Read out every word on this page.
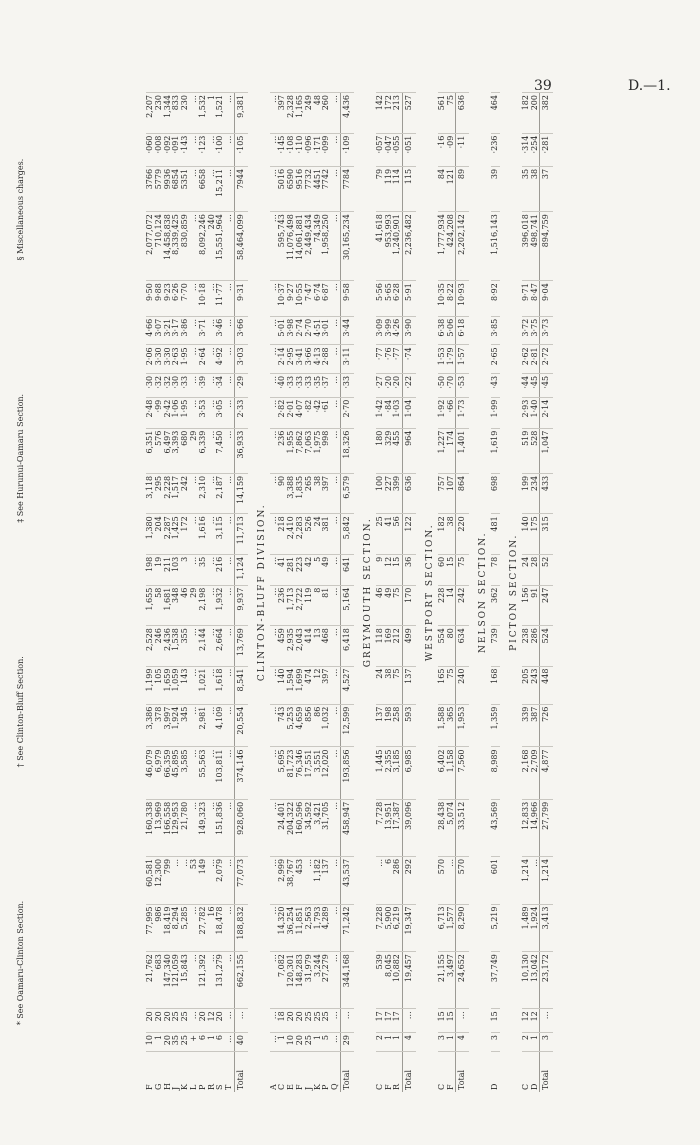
39	D.—1.
F	10	20	21,762	77,995	60,581	160,338	46,079	3,386	1,199	2,528	1,655	198	1,380	3,118	6,351	2·48	·30	2·06	4·66	9·50	2,077,072	3766	·060	2,207
G	1	20	683	986	12,300	13,969	6,979	378	105	246	58	19	204	295	576	·99	·32	3·30	3·07	9·88	710,124	5779	·008	230
H	20	20	147,340	18,419	799	166,558	66,359	3,997	1,659	2,436	1,681	211	2,287	2,228	6,497	2·42	·32	3·30	3·21	9·23	14,458,838	9936	·092	1,344
J	35	25	121,059	8,294	…	129,953	45,895	1,924	1,059	1,538	348	103	1,425	1,517	3,393	1·06	·30	2·63	3·17	6·26	8,339,425	6854	·091	833
K	25	25	15,843	5,285	…	21,780	3,585	345	143	355	46	3	172	242	680	1·95	·33	1·95	3·86	7·70	830,859	5351	·143	230
L	+	…	…	…	53	…	…	…	…	…	29	…	…	…	29	…	…	…	…	…	…	…	…	…
P	6	20	121,392	27,782	149	149,323	55,563	2,981	1,021	2,144	2,198	35	1,616	2,310	6,339	3·53	·39	2·64	3·71	10·18	8,092,246	6658	·123	1,532
R	1	12	…	16	…	…	…	…	…	…	…	…	…	…	…	…	…	…	…	…	240	…	…	1
S	6	20	131,279	18,478	2,079	151,836	103,811	4,109	1,618	2,664	1,932	216	3,115	2,187	7,450	3·05	·34	4·92	3·46	11·77	15,551,964	15,211	·100	1,521
T	…	…	…	…	…	…	…	…	…	…	…	…	…	…	…	…	…	…	…	…	…	…	…	…
Total	40	…	662,155	188,832	77,073	928,060	374,146	20,554	8,541	13,769	9,937	1,124	11,713	14,159	36,933	2·33	·29	3·03	3·66	9·31	58,464,099	7944	·105	9,381

CLINTON-BLUFF DIVISION.																								
A	…	…	…	…	…	…	…	…	…	…	…	…	…	…	…	…	…	…	…	…	…	…	…	…
C	1	18	7,082	14,320	2,999	24,401	5,695	743	140	459	236	41	218	90	236	2·82	·40	2·14	5·01	10·37	595,743	5016	·145	397
E	10	20	120,301	36,254	38,767	204,322	81,723	5,253	1,594	2,935	1,713	281	2,410	3,388	1,955	2·01	·33	2·95	3·98	9·27	11,076,498	6590	·108	2,328
F	20	20	148,283	11,851	453	160,596	76,346	4,659	1,699	2,043	2,722	223	2,283	1,835	7,862	4·07	·33	3·41	2·74	10·55	14,061,881	9516	·110	1,165
J	25	25	31,979	2,563	…	34,592	17,551	856	474	414	119	42	526	265	7,063	·82	·33	3·66	2·70	7·47	2,449,434	7732	·096	249
K	1	25	3,244	1,793	1,182	3,421	3,551	86	12	13	8	5	24	38	1,975	·42	·35	4·13	4·51	6·74	74,349	4451	·171	48
P	5	25	27,279	4,289	137	31,705	12,020	1,032	397	468	81	49	381	397	998	·61	·37	2·88	3·01	6·87	1,958,250	7742	·099	260
Q	…	…	…	…	…	…	…	…	…	…	…	…	…	…	…	…	…	…	…	…	…	…	…	…
Total	29	…	344,168	71,242	43,537	458,947	193,856	12,599	4,527	6,418	5,164	641	5,842	6,579	18,326	2·70	·33	3·11	3·44	9·58	30,165,234	7784	·109	4,436

GREYMOUTH SECTION.																								
C	2	17	539	7,228	…	7,728	1,445	137	24	118	46	9	25	100	180	1·42	·27	·77	3·09	5·56	41,618	79	·057	142
F	1	17	8,045	5,900	6	13,951	2,355	198	38	169	49	12	41	227	329	·84	·20	·76	3·99	5·65	953,993	119	·047	172
R	1	17	10,882	6,219	286	17,387	3,185	258	75	212	75	15	56	399	455	1·03	·20	·77	4·26	6·28	1,240,901	114	·055	213
Total	4	…	19,457	19,347	292	39,096	6,985	593	137	499	170	36	122	636	964	1·04	·22	·74	3·90	5·91	2,236,482	115	·051	527

WESTPORT SECTION.																								
C	3	15	21,155	6,713	570	28,438	6,402	1,588	165	554	228	60	182	757	1,227	1·92	·50	1·53	6·38	10·35	1,777,934	84	·16	561
F	1	15	3,497	1,577	…	5,074	1,158	365	75	80	14	15	38	107	174	·66	·70	1·79	5·06	8·22	424,208	121	·09	75
Total	4	…	24,652	8,290	570	33,512	7,560	1,953	240	634	242	75	220	864	1,401	1·73	·53	1·57	6·18	10·93	2,202,142	89	·11	636

NELSON SECTION.																								
D	3	15	37,749	5,219	601	43,569	8,989	1,359	168	739	362	78	481	698	1,619	1·99	·43	2·65	3·85	8·92	1,516,143	39	·236	464

PICTON SECTION.																								
C	2	12	10,130	1,489	1,214	12,833	2,168	339	205	238	156	24	140	199	519	2·93	·44	2·62	3·72	9·71	396,018	35	·314	182
D	1	12	13,042	1,924	…	14,966	2,709	387	243	286	91	28	175	234	528	1·40	·45	2·81	3·75	8·47	498,741	38	·254	200
Total	3	…	23,172	3,413	1,214	27,799	4,877	726	448	524	247	52	315	433	1,047	2·14	·45	2·72	3·73	9·04	894,759	37	·281	382

* See Oamaru-Clinton Section.
† See Clinton-Bluff Section.
‡ See Hurunui-Oamaru Section.
§ Miscellaneous charges.
